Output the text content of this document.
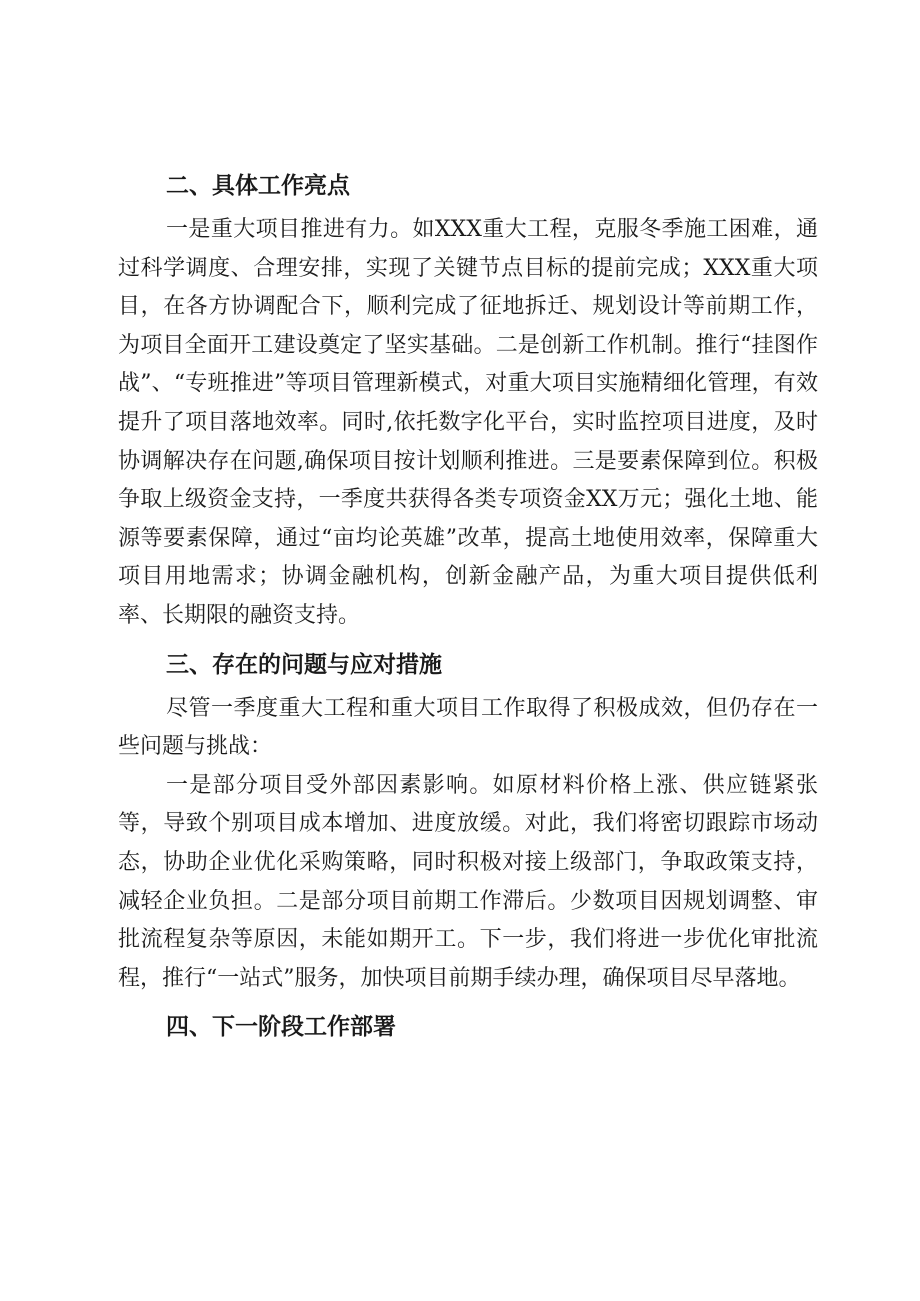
二、具体工作亮点

一是重大项目推进有力。如XXX重大工程，克服冬季施工困难，通过科学调度、合理安排，实现了关键节点目标的提前完成；XXX重大项目，在各方协调配合下，顺利完成了征地拆迁、规划设计等前期工作，为项目全面开工建设奠定了坚实基础。二是创新工作机制。推行“挂图作战”、“专班推进”等项目管理新模式，对重大项目实施精细化管理，有效提升了项目落地效率。同时,依托数字化平台，实时监控项目进度，及时协调解决存在问题,确保项目按计划顺利推进。三是要素保障到位。积极争取上级资金支持，一季度共获得各类专项资金XX万元；强化土地、能源等要素保障，通过“亩均论英雄”改革，提高土地使用效率，保障重大项目用地需求；协调金融机构，创新金融产品，为重大项目提供低利率、长期限的融资支持。

三、存在的问题与应对措施

尽管一季度重大工程和重大项目工作取得了积极成效，但仍存在一些问题与挑战：

一是部分项目受外部因素影响。如原材料价格上涨、供应链紧张等，导致个别项目成本增加、进度放缓。对此，我们将密切跟踪市场动态，协助企业优化采购策略，同时积极对接上级部门，争取政策支持，减轻企业负担。二是部分项目前期工作滞后。少数项目因规划调整、审批流程复杂等原因，未能如期开工。下一步，我们将进一步优化审批流程，推行“一站式”服务，加快项目前期手续办理，确保项目尽早落地。

四、下一阶段工作部署
